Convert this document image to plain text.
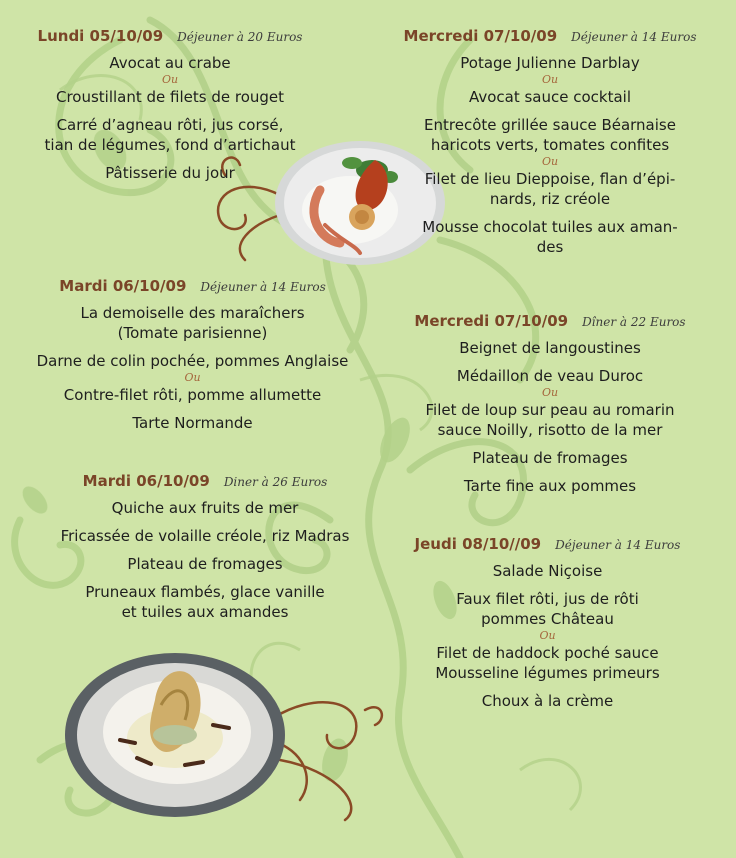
Lundi 05/10/09 Déjeuner à 20 Euros
Avocat au crabe
Ou
Croustillant de filets de rouget
Carré d’agneau rôti, jus corsé,
tian de légumes, fond d’artichaut
Pâtisserie du jour
Mardi 06/10/09 Déjeuner à 14 Euros
La demoiselle des maraîchers
(Tomate parisienne)
Darne de colin pochée, pommes Anglaise
Ou
Contre-filet rôti, pomme allumette
Tarte Normande
Mardi 06/10/09 Diner à 26 Euros
Quiche aux fruits de mer
Fricassée de volaille créole, riz Madras
Plateau de fromages
Pruneaux flambés, glace vanille
et tuiles aux amandes
Mercredi 07/10/09 Déjeuner à 14 Euros
Potage Julienne Darblay
Ou
Avocat sauce cocktail
Entrecôte grillée sauce Béarnaise
haricots verts, tomates confites
Ou
Filet de lieu Dieppoise, flan d’épi-
nards, riz créole
Mousse chocolat tuiles aux aman-
des
Mercredi 07/10/09 Dîner à 22 Euros
Beignet de langoustines
Médaillon de veau Duroc
Ou
Filet de loup sur peau au romarin
sauce Noilly, risotto de la mer
Plateau de fromages
Tarte fine aux pommes
Jeudi 08/10//09 Déjeuner à 14 Euros
Salade Niçoise
Faux filet rôti, jus de rôti
pommes Château
Ou
Filet de haddock poché sauce
Mousseline légumes primeurs
Choux à la crème
